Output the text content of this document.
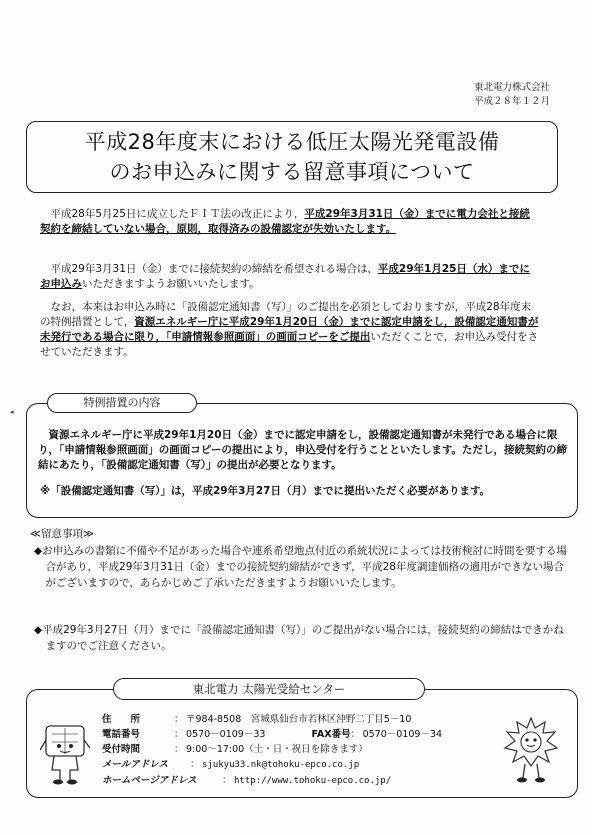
東北電力株式会社
平成２８年１２月
平成28年度末における低圧太陽光発電設備
のお申込みに関する留意事項について
平成28年5月25日に成立したＦＩＴ法の改正により，平成29年3月31日（金）までに電力会社と接続契約を締結していない場合，原則，取得済みの設備認定が失効いたします。
平成29年3月31日（金）までに接続契約の締結を希望される場合は，平成29年1月25日（水）までにお申込みいただきますようお願いいたします。
なお，本来はお申込み時に「設備認定通知書（写）」のご提出を必須としておりますが，平成28年度末の特例措置として，資源エネルギー庁に平成29年1月20日（金）までに認定申請をし，設備認定通知書が未発行である場合に限り，「申請情報参照画面」の画面コピーをご提出いただくことで，お申込み受付をさせていただきます。
◂
特例措置の内容
資源エネルギー庁に平成29年1月20日（金）までに認定申請をし，設備認定通知書が未発行である場合に限り，「申請情報参照画面」の画面コピーの提出により，申込受付を行うことといたします。ただし，接続契約の締結にあたり，「設備認定通知書（写）」の提出が必要となります。
※「設備認定通知書（写）」は，平成29年3月27日（月）までに提出いただく必要があります。
≪留意事項≫
◆お申込みの書類に不備や不足があった場合や連系希望地点付近の系統状況によっては技術検討に時間を要する場合があり，平成29年3月31日（金）までの接続契約締結ができず，平成28年度調達価格の適用ができない場合がございますので，あらかじめご了承いただきますようお願いいたします。
◆平成29年3月27日（月）までに「設備認定通知書（写）」のご提出がない場合には，接続契約の締結はできかねますのでご注意ください。
東北電力 太陽光受給センター
住　　所	： 〒984-8508　宮城県仙台市若林区沖野二丁目5－10
電話番号	： 0570－0109－33	FAX番号： 0570－0109－34
受付時間	： 9:00～17:00（土・日・祝日を除きます）
メールアドレス ： sjukyu33.nk@tohoku-epco.co.jp
ホームページアドレス	： http://www.tohoku-epco.co.jp/
